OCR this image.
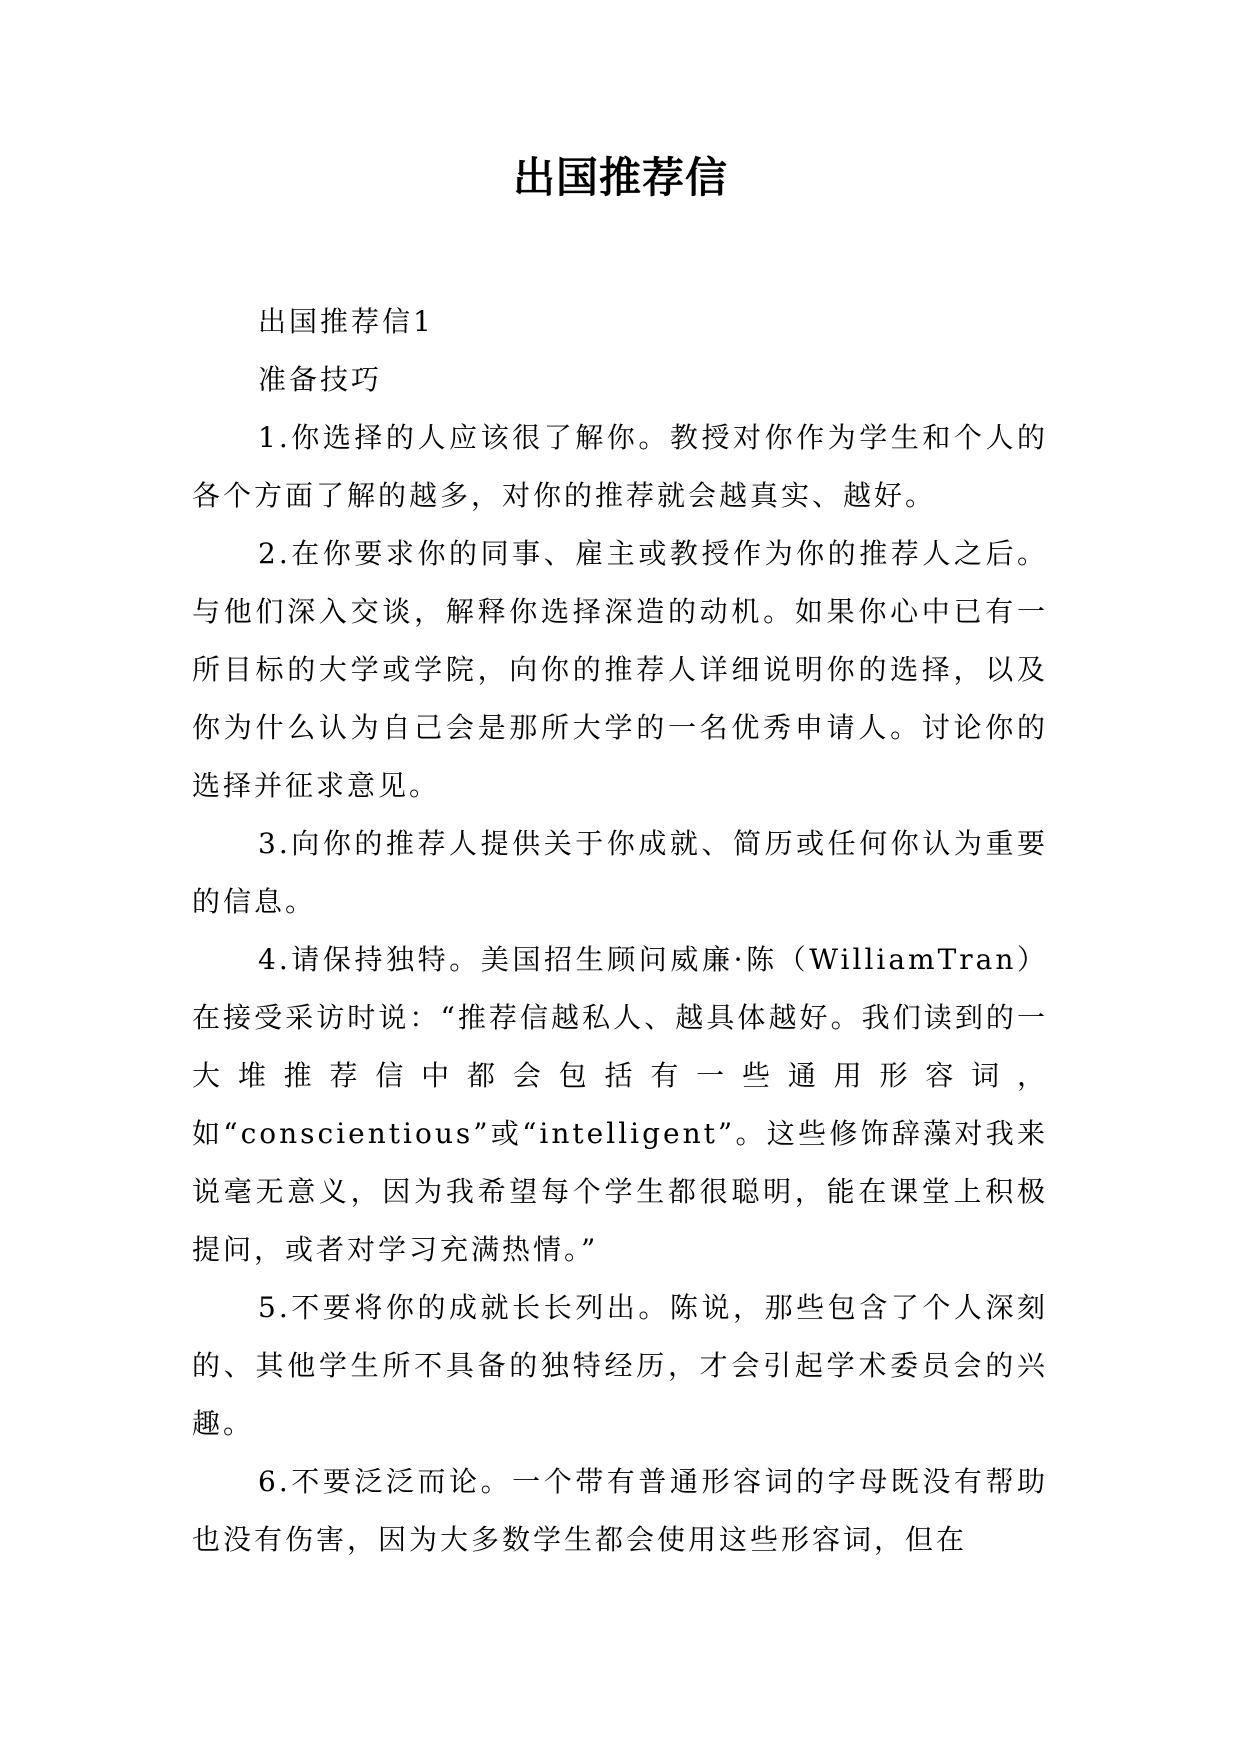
出国推荐信

出国推荐信1

准备技巧

1.你选择的人应该很了解你。教授对你作为学生和个人的各个方面了解的越多，对你的推荐就会越真实、越好。

2.在你要求你的同事、雇主或教授作为你的推荐人之后。与他们深入交谈，解释你选择深造的动机。如果你心中已有一所目标的大学或学院，向你的推荐人详细说明你的选择，以及你为什么认为自己会是那所大学的一名优秀申请人。讨论你的选择并征求意见。

3.向你的推荐人提供关于你成就、简历或任何你认为重要的信息。

4.请保持独特。美国招生顾问威廉·陈（WilliamTran）在接受采访时说：“推荐信越私人、越具体越好。我们读到的一大堆推荐信中都会包括有一些通用形容词，如“conscientious”或“intelligent”。这些修饰辞藻对我来说毫无意义，因为我希望每个学生都很聪明，能在课堂上积极提问，或者对学习充满热情。”

5.不要将你的成就长长列出。陈说，那些包含了个人深刻的、其他学生所不具备的独特经历，才会引起学术委员会的兴趣。

6.不要泛泛而论。一个带有普通形容词的字母既没有帮助也没有伤害，因为大多数学生都会使用这些形容词，但在
